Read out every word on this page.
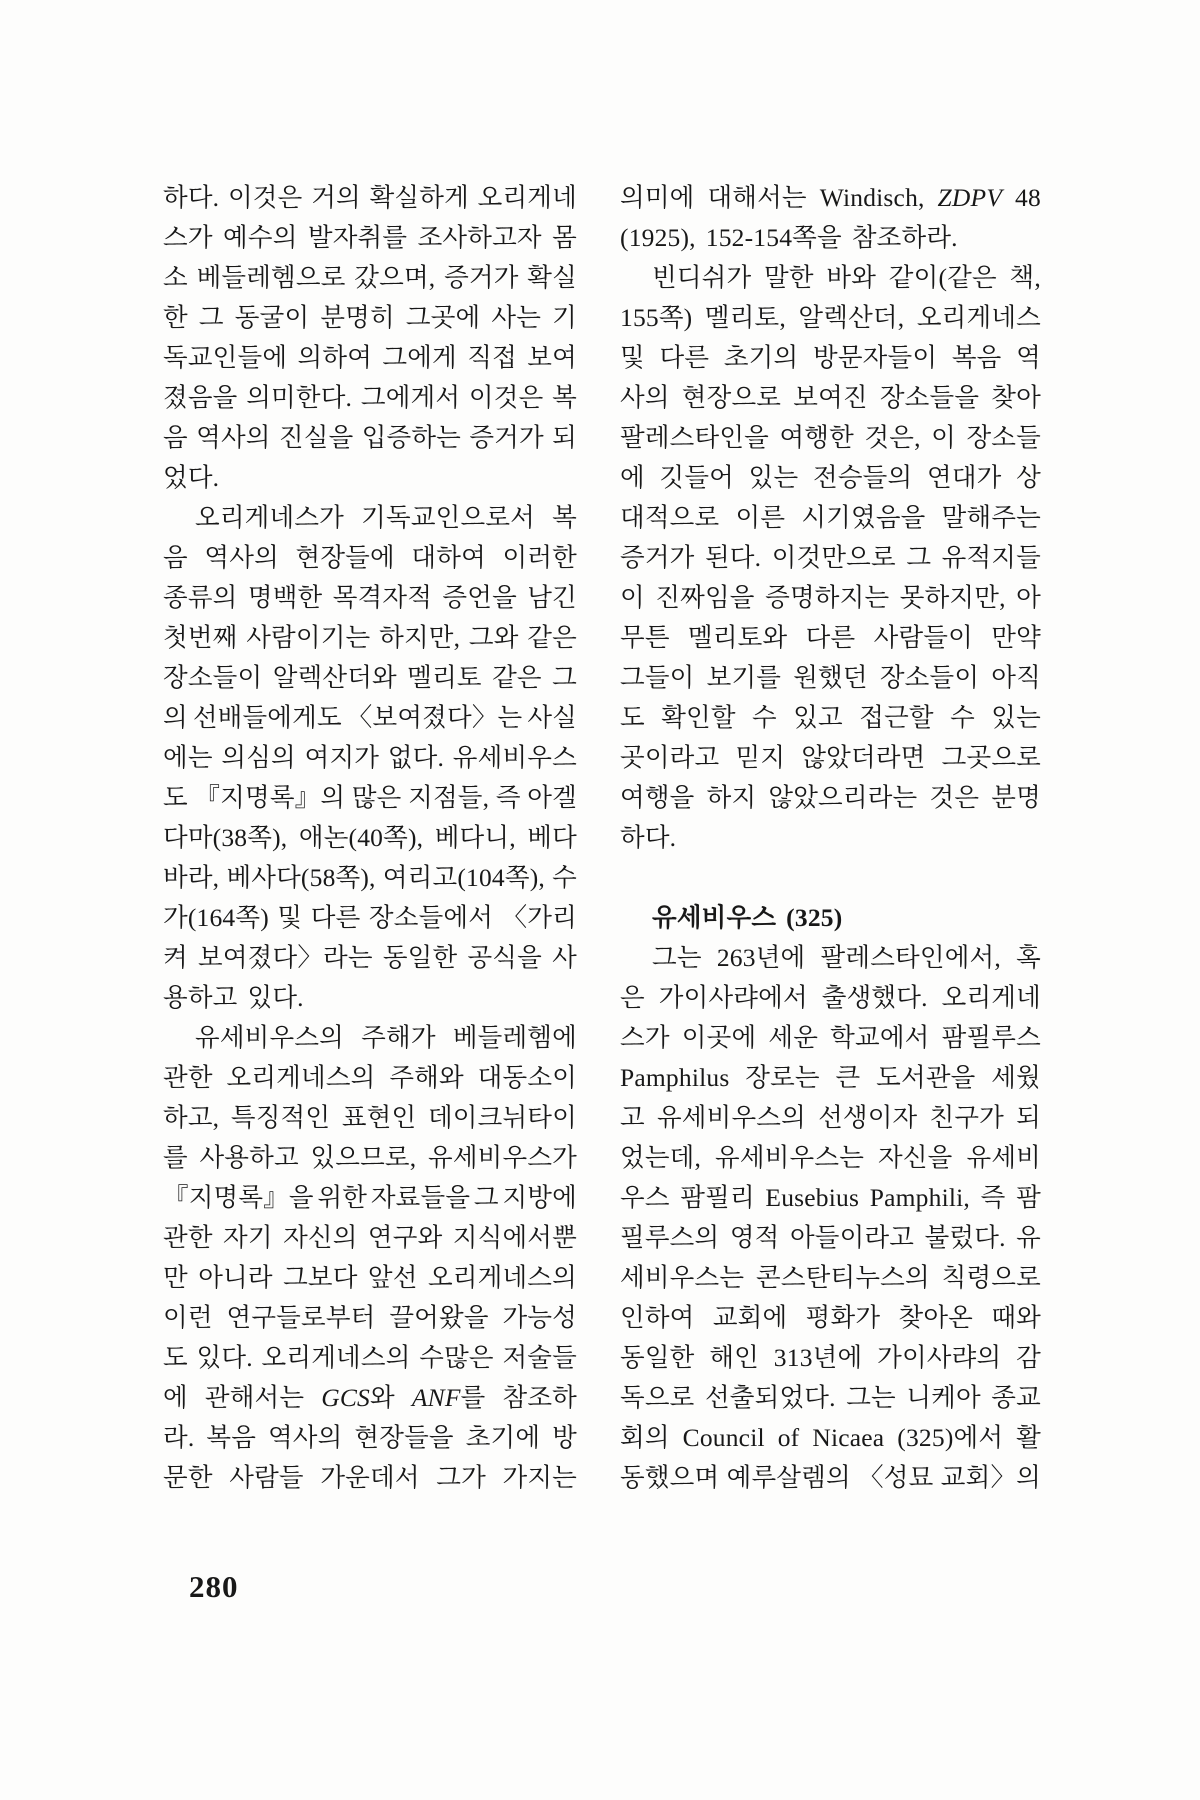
하다. 이것은 거의 확실하게 오리게네
스가 예수의 발자취를 조사하고자 몸
소 베들레헴으로 갔으며, 증거가 확실
한 그 동굴이 분명히 그곳에 사는 기
독교인들에 의하여 그에게 직접 보여
졌음을 의미한다. 그에게서 이것은 복
음 역사의 진실을 입증하는 증거가 되
었다.
오리게네스가 기독교인으로서 복
음 역사의 현장들에 대하여 이러한
종류의 명백한 목격자적 증언을 남긴
첫번째 사람이기는 하지만, 그와 같은
장소들이 알렉산더와 멜리토 같은 그
의 선배들에게도 〈보여졌다〉는 사실
에는 의심의 여지가 없다. 유세비우스
도 『지명록』의 많은 지점들, 즉 아겔
다마(38쪽), 애논(40쪽), 베다니, 베다
바라, 베사다(58쪽), 여리고(104쪽), 수
가(164쪽) 및 다른 장소들에서 〈가리
켜 보여졌다〉라는 동일한 공식을 사
용하고 있다.
유세비우스의 주해가 베들레헴에
관한 오리게네스의 주해와 대동소이
하고, 특징적인 표현인 데이크뉘타이
를 사용하고 있으므로, 유세비우스가
『지명록』을 위한 자료들을 그 지방에
관한 자기 자신의 연구와 지식에서뿐
만 아니라 그보다 앞선 오리게네스의
이런 연구들로부터 끌어왔을 가능성
도 있다. 오리게네스의 수많은 저술들
에 관해서는 GCS와 ANF를 참조하
라. 복음 역사의 현장들을 초기에 방
문한 사람들 가운데서 그가 가지는
의미에 대해서는 Windisch, ZDPV 48
(1925), 152-154쪽을 참조하라.
빈디쉬가 말한 바와 같이(같은 책,
155쪽) 멜리토, 알렉산더, 오리게네스
및 다른 초기의 방문자들이 복음 역
사의 현장으로 보여진 장소들을 찾아
팔레스타인을 여행한 것은, 이 장소들
에 깃들어 있는 전승들의 연대가 상
대적으로 이른 시기였음을 말해주는
증거가 된다. 이것만으로 그 유적지들
이 진짜임을 증명하지는 못하지만, 아
무튼 멜리토와 다른 사람들이 만약
그들이 보기를 원했던 장소들이 아직
도 확인할 수 있고 접근할 수 있는
곳이라고 믿지 않았더라면 그곳으로
여행을 하지 않았으리라는 것은 분명
하다.
유세비우스 (325)
그는 263년에 팔레스타인에서, 혹
은 가이사랴에서 출생했다. 오리게네
스가 이곳에 세운 학교에서 팜필루스
Pamphilus 장로는 큰 도서관을 세웠
고 유세비우스의 선생이자 친구가 되
었는데, 유세비우스는 자신을 유세비
우스 팜필리 Eusebius Pamphili, 즉 팜
필루스의 영적 아들이라고 불렀다. 유
세비우스는 콘스탄티누스의 칙령으로
인하여 교회에 평화가 찾아온 때와
동일한 해인 313년에 가이사랴의 감
독으로 선출되었다. 그는 니케아 종교
회의 Council of Nicaea (325)에서 활
동했으며 예루살렘의 〈성묘 교회〉의
280
